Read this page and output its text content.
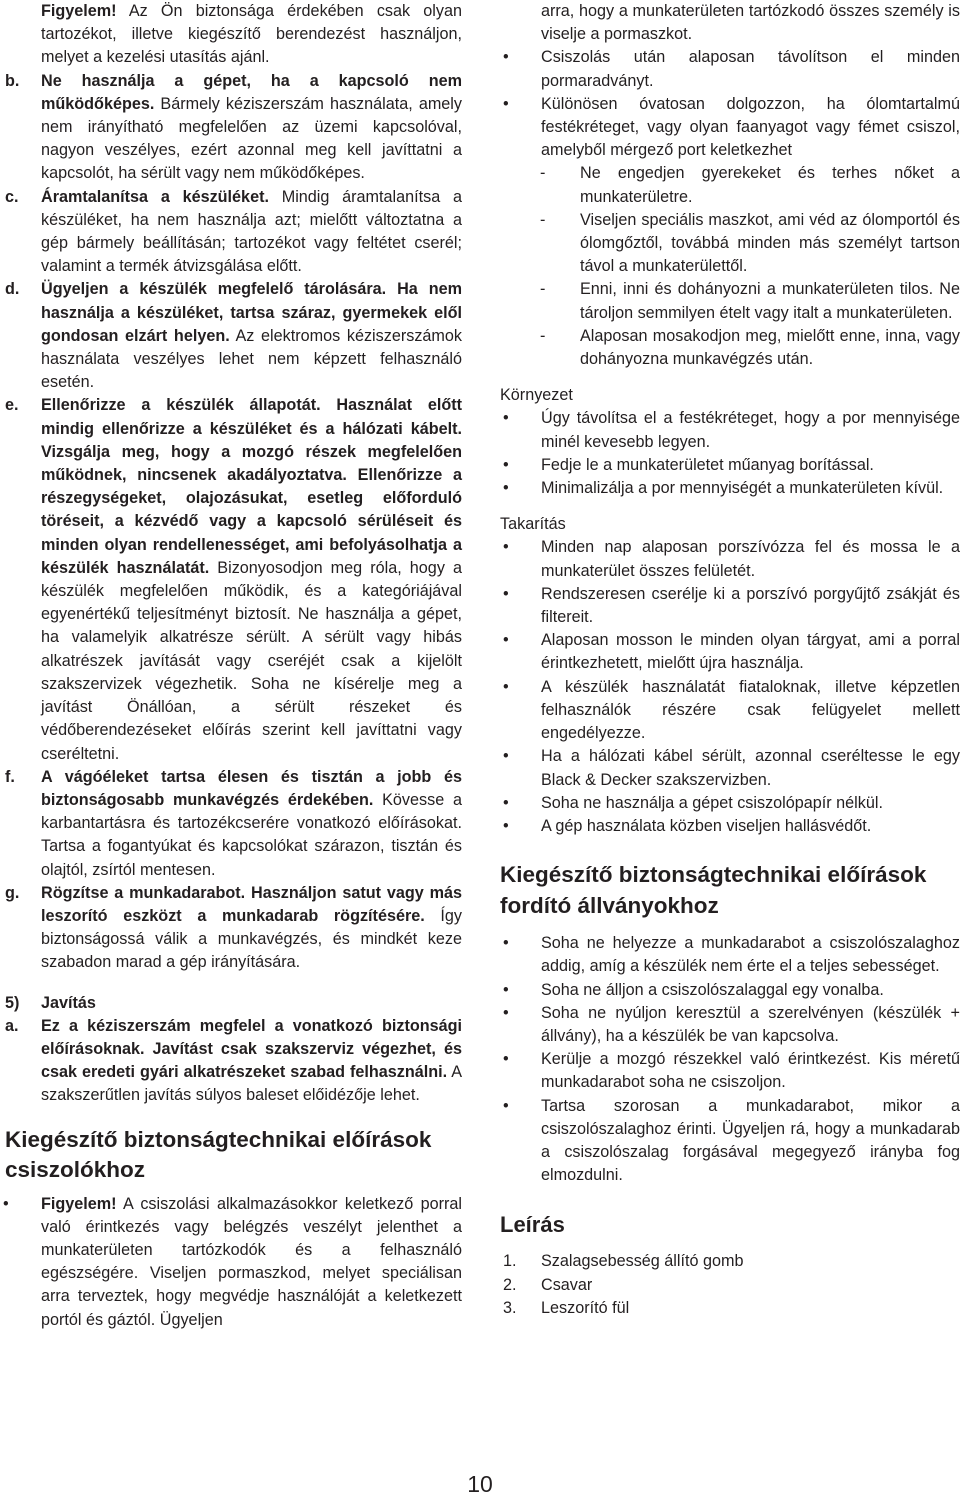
Figyelem! Az Ön biztonsága érdekében csak olyan tartozékot, illetve kiegészítő berendezést használjon, melyet a kezelési utasítás ajánl.

b.	Ne használja a gépet, ha a kapcsoló nem működőképes. Bármely kéziszerszám használata, amely nem irányítható megfelelően az üzemi kapcsolóval, nagyon veszélyes, ezért azonnal meg kell javíttatni a kapcsolót, ha sérült vagy nem működőképes.

c.	Áramtalanítsa a készüléket. Mindig áramtalanítsa a készüléket, ha nem használja azt; mielőtt változtatna a gép bármely beállításán; tartozékot vagy feltétet cserél; valamint a termék átvizsgálása előtt.

d.	Ügyeljen a készülék megfelelő tárolására. Ha nem használja a készüléket, tartsa száraz, gyermekek elől gondosan elzárt helyen. Az elektromos kéziszerszámok használata veszélyes lehet nem képzett felhasználó esetén.

e.	Ellenőrizze a készülék állapotát. Használat előtt mindig ellenőrizze a készüléket és a hálózati kábelt. Vizsgálja meg, hogy a mozgó részek megfelelően működnek, nincsenek akadályoztatva. Ellenőrizze a részegységeket, olajozásukat, esetleg előforduló töréseit, a kézvédő vagy a kapcsoló sérüléseit és minden olyan rendellenességet, ami befolyásolhatja a készülék használatát. Bizonyosodjon meg róla, hogy a készülék megfelelően működik, és a kategóriájával egyenértékű teljesítményt biztosít. Ne használja a gépet, ha valamelyik alkatrésze sérült. A sérült vagy hibás alkatrészek javítását vagy cseréjét csak a kijelölt szakszervizek végezhetik. Soha ne kísérelje meg a javítást Önállóan, a sérült részeket és védőberendezéseket előírás szerint kell javíttatni vagy cseréltetni.

f.	A vágóéleket tartsa élesen és tisztán a jobb és biztonságosabb munkavégzés érdekében. Kövesse a karbantartásra és tartozékcserére vonatkozó előírásokat. Tartsa a fogantyúkat és kapcsolókat szárazon, tisztán és olajtól, zsírtól mentesen.

g.	Rögzítse a munkadarabot. Használjon satut vagy más leszorító eszközt a munkadarab rögzítésére. Így biztonságossá válik a munkavégzés, és mindkét keze szabadon marad a gép irányítására.

5)	Javítás

a.	Ez a kéziszerszám megfelel a vonatkozó biztonsági előírásoknak. Javítást csak szakszerviz végezhet, és csak eredeti gyári alkatrészeket szabad felhasználni. A szakszerűtlen javítás súlyos baleset előidézője lehet.

Kiegészítő biztonságtechnikai előírások csiszolókhoz
•	Figyelem! A csiszolási alkalmazásokkor keletkező porral való érintkezés vagy belégzés veszélyt jelenthet a munkaterületen tartózkodók és a felhasználó egészségére. Viseljen pormaszkod, melyet speciálisan arra terveztek, hogy megvédje használóját a keletkezett portól és gáztól. Ügyeljen

arra, hogy a munkaterületen tartózkodó összes személy is viselje a pormaszkot.

•	Csiszolás után alaposan távolítson el minden pormaradványt.

•	Különösen óvatosan dolgozzon, ha ólomtartalmú festékréteget, vagy olyan faanyagot vagy fémet csiszol, amelyből mérgező port keletkezhet

-	Ne engedjen gyerekeket és terhes nőket a munkaterületre.

-	Viseljen speciális maszkot, ami véd az ólomportól és ólomgőztől, továbbá minden más személyt tartson távol a munkaterülettől.

-	Enni, inni és dohányozni a munkaterületen tilos. Ne tároljon semmilyen ételt vagy italt a munkaterületen.

-	Alaposan mosakodjon meg, mielőtt enne, inna, vagy dohányozna munkavégzés után.

Környezet

•	Úgy távolítsa el a festékréteget, hogy a por mennyisége minél kevesebb legyen.

•	Fedje le a munkaterületet műanyag borítással.

•	Minimalizálja a por mennyiségét a munkaterületen kívül.

Takarítás

•	Minden nap alaposan porszívózza fel és mossa le a munkaterület összes felületét.

•	Rendszeresen cserélje ki a porszívó porgyűjtő zsákját és filtereit.

•	Alaposan mosson le minden olyan tárgyat, ami a porral érintkezhetett, mielőtt újra használja.

•	A készülék használatát fiataloknak, illetve képzetlen felhasználók részére csak felügyelet mellett engedélyezze.

•	Ha a hálózati kábel sérült, azonnal cseréltesse le egy Black & Decker szakszervizben.

•	Soha ne használja a gépet csiszolópapír nélkül.

•	A gép használata közben viseljen hallásvédőt.

Kiegészítő biztonságtechnikai előírások fordító állványokhoz
•	Soha ne helyezze a munkadarabot a csiszolószalaghoz addig, amíg a készülék nem érte el a teljes sebességet.

•	Soha ne álljon a csiszolószalaggal egy vonalba.

•	Soha ne nyúljon keresztül a szerelvényen (készülék + állvány), ha a készülék be van kapcsolva.

•	Kerülje a mozgó részekkel való érintkezést. Kis méretű munkadarabot soha ne csiszoljon.

•	Tartsa szorosan a munkadarabot, mikor a csiszolószalaghoz érinti. Ügyeljen rá, hogy a munkadarab a csiszolószalag forgásával megegyező irányba fog elmozdulni.

Leírás
1.	Szalagsebesség állító gomb

2.	Csavar

3.	Leszorító fül

10
